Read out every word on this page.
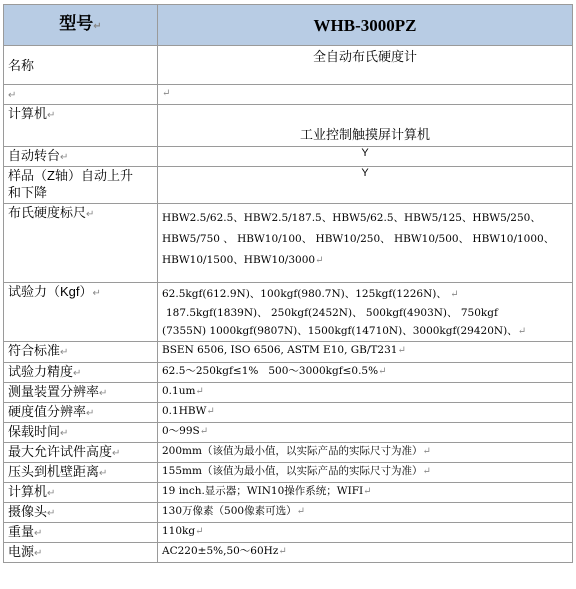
型号↵	WHB-3000PZ
名称	全自动布氏硬度计
↵	↵
计算机↵	工业控制触摸屏计算机
自动转台↵	Y

样品（Z轴）自动上升
和下降	Y
布氏硬度标尺↵	HBW2.5/62.5、HBW2.5/187.5、HBW5/62.5、HBW5/125、HBW5/250、
HBW5/750 、 HBW10/100、 HBW10/250、 HBW10/500、 HBW10/1000、
HBW10/1500、HBW10/3000↵

试验力（Kgf）↵	62.5kgf(612.9N)、100kgf(980.7N)、125kgf(1226N)、 ↵
187.5kgf(1839N)、 250kgf(2452N)、 500kgf(4903N)、 750kgf
(7355N) 1000kgf(9807N)、1500kgf(14710N)、3000kgf(29420N)、↵

符合标准↵	BSEN 6506, ISO 6506, ASTM E10, GB/T231↵
试验力精度↵	62.5～250kgf≤1%   500～3000kgf≤0.5%↵
测量装置分辨率↵	0.1um↵
硬度值分辨率↵	0.1HBW↵
保载时间↵	0～99S↵
最大允许试件高度↵	200mm（该值为最小值，以实际产品的实际尺寸为准）↵
压头到机壁距离↵	155mm（该值为最小值，以实际产品的实际尺寸为准）↵
计算机↵	19 inch.显示器；WIN10操作系统；WIFI↵
摄像头↵	130万像素（500像素可选）↵
重量↵	110kg↵
电源↵	AC220±5%,50～60Hz↵
